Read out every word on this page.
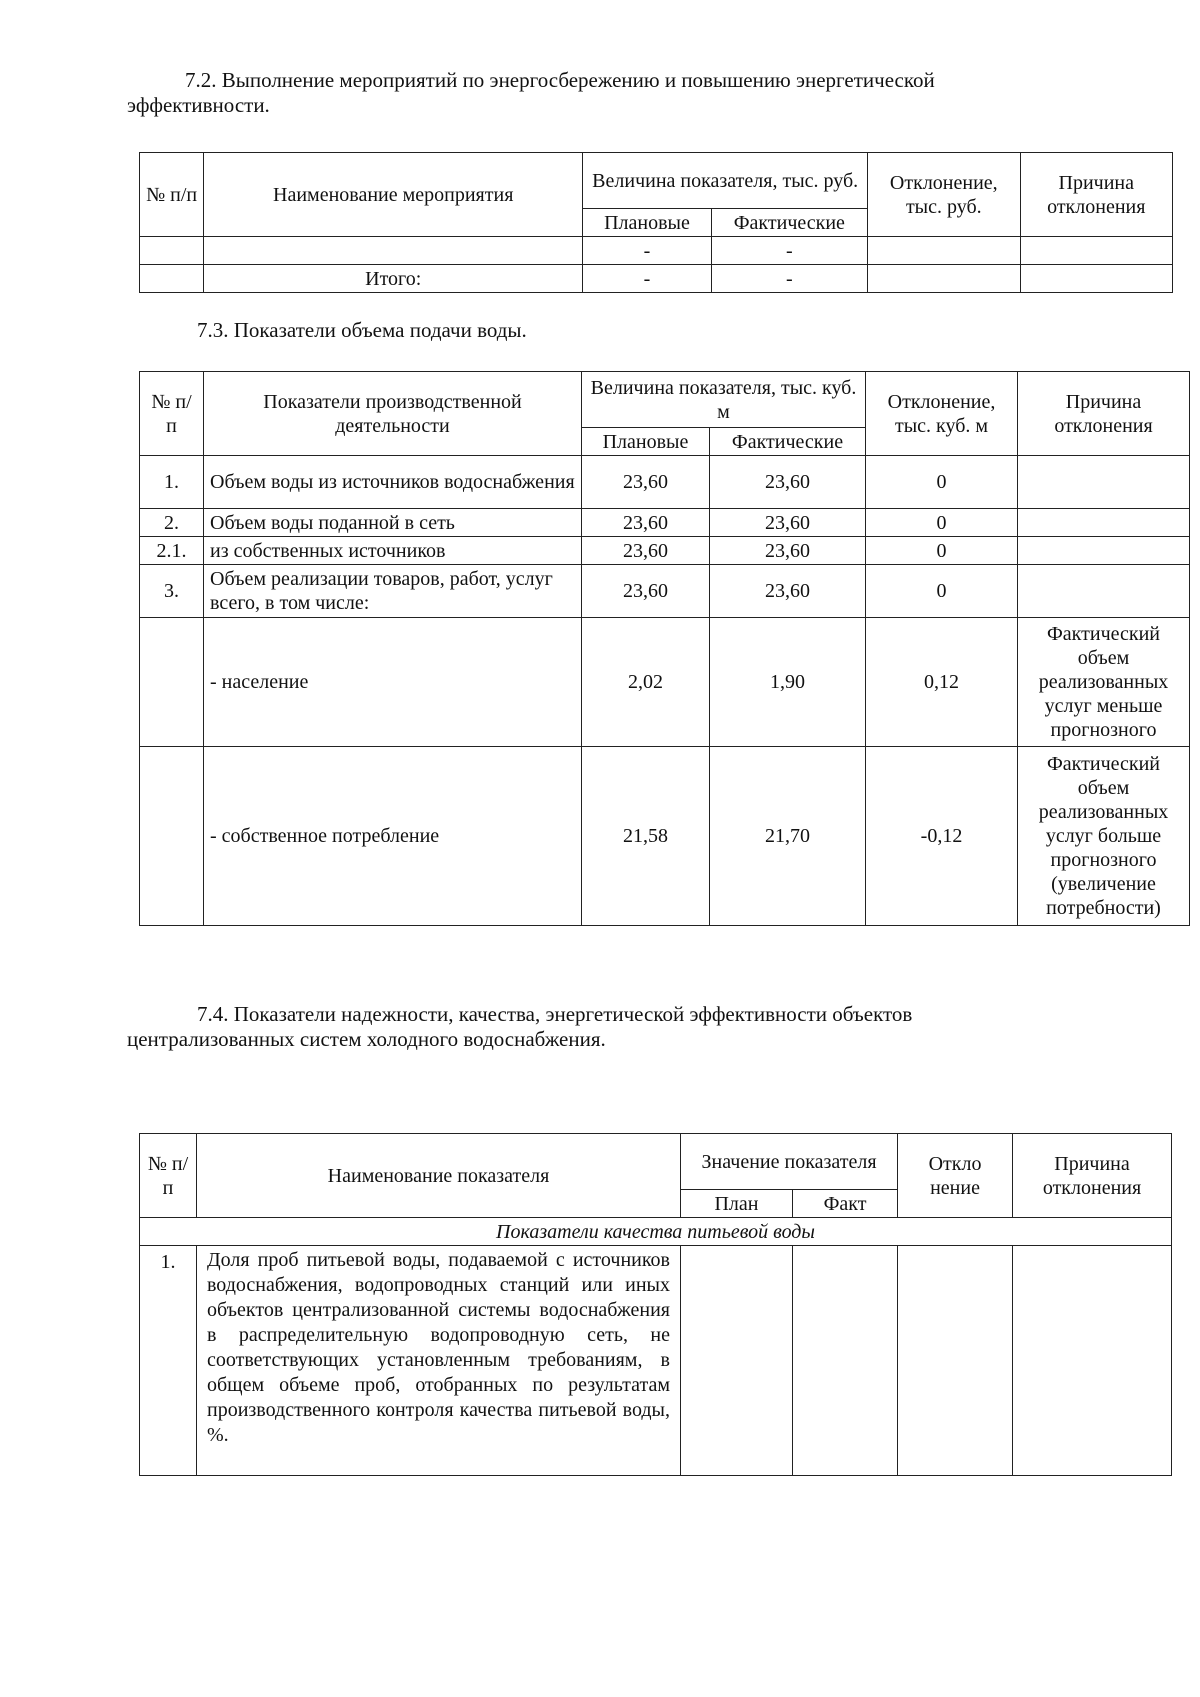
7.2. Выполнение мероприятий по энергосбережению и повышению энергетической
эффективности.
№ п/п	Наименование мероприятия	Величина показателя, тыс. руб.		Отклонение, тыс. руб.	Причина отклонения
		Плановые	Фактические		
		-	-		
	Итого:	-	-		
7.3. Показатели объема подачи воды.
№ п/п	Показатели производственной деятельности	Величина показателя, тыс. куб. м		Отклонение, тыс. куб. м	Причина отклонения
		Плановые	Фактические		
1.	Объем воды из источников водоснабжения	23,60	23,60	0	
2.	Объем воды поданной в сеть	23,60	23,60	0	
2.1.	из собственных источников	23,60	23,60	0	
3.	Объем реализации товаров, работ, услуг всего, в том числе:	23,60	23,60	0	
	- население	2,02	1,90	0,12	Фактический объем реализованных услуг меньше прогнозного
	- собственное потребление	21,58	21,70	-0,12	Фактический объем реализованных услуг больше прогнозного (увеличение потребности)
7.4. Показатели надежности, качества, энергетической эффективности объектов
централизованных систем холодного водоснабжения.
№ п/п	Наименование показателя	Значение показателя		Откло нение	Причина отклонения
		План	Факт		
Показатели качества питьевой воды					
1.	Доля проб питьевой воды, подаваемой с источников водоснабжения, водопроводных станций или иных объектов централизованной системы водоснабжения в распределительную водопроводную сеть, не соответствующих установленным требованиям, в общем объеме проб, отобранных по результатам производственного контроля качества питьевой воды, %.				
